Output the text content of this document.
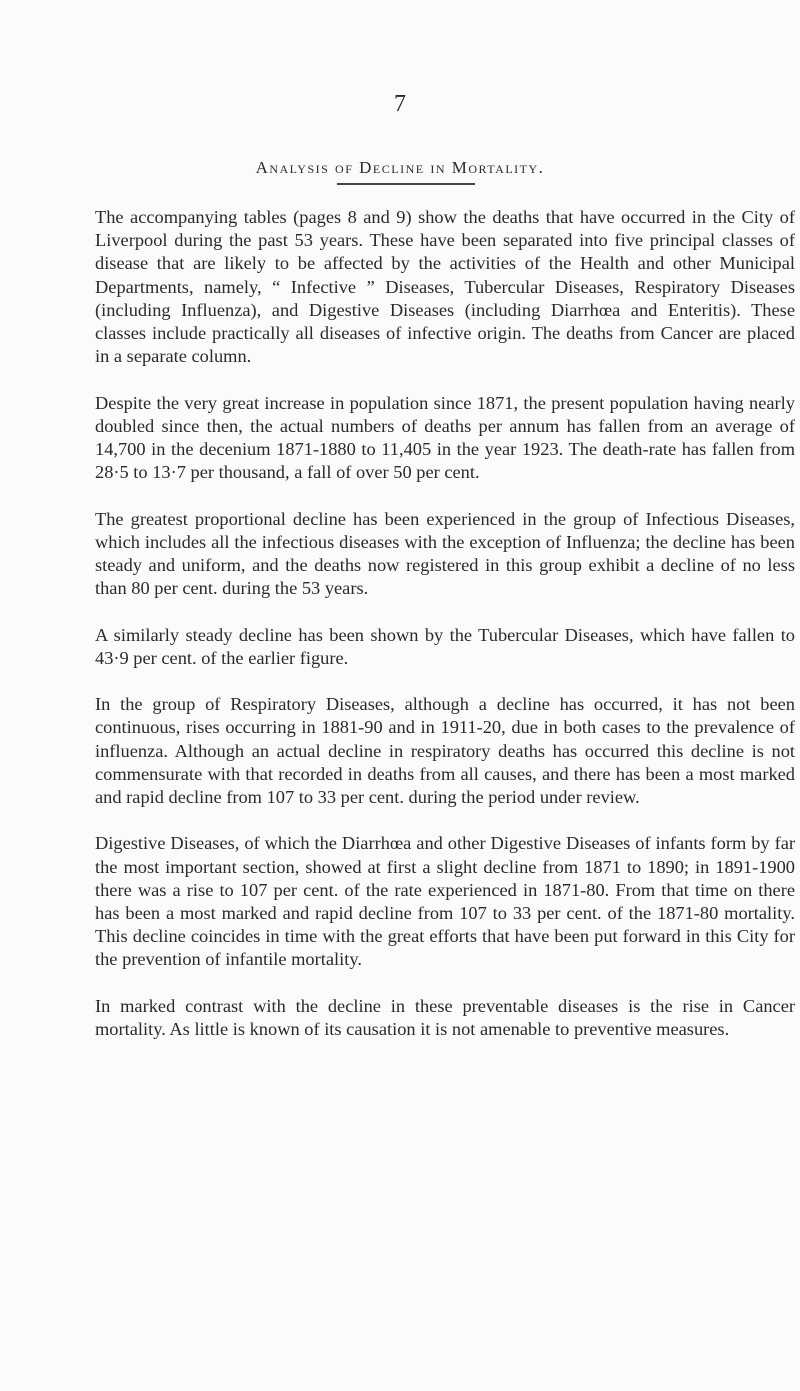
7
Analysis of Decline in Mortality.

The accompanying tables (pages 8 and 9) show the deaths that have occurred in the City of Liverpool during the past 53 years. These have been separated into five principal classes of disease that are likely to be affected by the activities of the Health and other Municipal Departments, namely, “ Infective ” Diseases, Tubercular Diseases, Respiratory Diseases (including Influenza), and Digestive Diseases (including Diarrhœa and Enteritis). These classes include practically all diseases of infective origin. The deaths from Cancer are placed in a separate column.

Despite the very great increase in population since 1871, the present population having nearly doubled since then, the actual numbers of deaths per annum has fallen from an average of 14,700 in the decenium 1871-1880 to 11,405 in the year 1923. The death-rate has fallen from 28·5 to 13·7 per thousand, a fall of over 50 per cent.

The greatest proportional decline has been experienced in the group of Infectious Diseases, which includes all the infectious diseases with the exception of Influenza; the decline has been steady and uniform, and the deaths now registered in this group exhibit a decline of no less than 80 per cent. during the 53 years.

A similarly steady decline has been shown by the Tubercular Diseases, which have fallen to 43·9 per cent. of the earlier figure.

In the group of Respiratory Diseases, although a decline has occurred, it has not been continuous, rises occurring in 1881-90 and in 1911-20, due in both cases to the prevalence of influenza. Although an actual decline in respiratory deaths has occurred this decline is not commensurate with that recorded in deaths from all causes, and there has been a most marked and rapid decline from 107 to 33 per cent. during the period under review.

Digestive Diseases, of which the Diarrhœa and other Digestive Diseases of infants form by far the most important section, showed at first a slight decline from 1871 to 1890; in 1891-1900 there was a rise to 107 per cent. of the rate experienced in 1871-80. From that time on there has been a most marked and rapid decline from 107 to 33 per cent. of the 1871-80 mortality. This decline coincides in time with the great efforts that have been put forward in this City for the prevention of infantile mortality.

In marked contrast with the decline in these preventable diseases is the rise in Cancer mortality. As little is known of its causation it is not amenable to preventive measures.
